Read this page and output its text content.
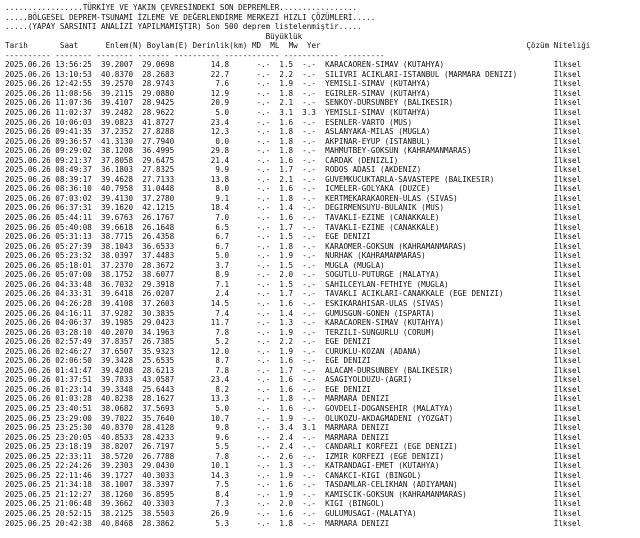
.................TÜRKİYE VE YAKIN ÇEVRESİNDEKİ SON DEPREMLER.................
.....BÖLGESEL DEPREM-TSUNAMİ İZLEME VE DEĞERLENDİRME MERKEZİ HIZLI ÇÖZÜMLERİ.....
.....(YAPAY SARSINTI ANALİZİ YAPILMAMIŞTIR) Son 500 deprem listelenmiştir.....
Büyüklük
Tarih	Saat	Enlem(N) Boylam(E) Derinlik(km) MD ML Mw Yer	Çözüm Niteliği
---------- -------- -------- ------- ---------- ------------ ------------ ---------
2025.06.26 13:56:25 39.2007 29.0698        14.8	-.- 1.5 -.- KARACAOREN-SIMAV (KUTAHYA)                        İlksel
2025.06.26 13:10:53 40.8370 28.2683        22.7	-.- 2.2 -.- SILIVRI ACIKLARI-ISTANBUL (MARMARA DENIZI)        İlksel
2025.06.26 12:42:55 39.2570 28.9743         7.6	-.- 1.9 -.- YEMISLI-SIMAV (KUTAHYA)                           İlksel
2025.06.26 11:08:56 39.2115 29.0880        12.9	-.- 1.8 -.- EGIRLER-SIMAV (KUTAHYA)                           İlksel
2025.06.26 11:07:36 39.4107 28.9425        20.9	-.- 2.1 -.- SENKOY-DURSUNBEY (BALIKESIR)                      İlksel
2025.06.26 11:02:37 39.2482 28.9622         5.0	-.- 3.1 3.3 YEMISLI-SIMAV (KUTAHYA)                           İlksel
2025.06.26 10:06:03 39.0823 41.8727        23.4	-.- 1.6 -.- ESENLER-VARTO (MUS)                               İlksel
2025.06.26 09:41:35 37.2352 27.8288        12.3	-.- 1.8 -.- ASLANYAKA-MILAS (MUGLA)                           İlksel
2025.06.26 09:36:57 41.3130 27.7940         0.0	-.- 1.8 -.- AKPINAR-EYUP (ISTANBUL)                           İlksel
2025.06.26 09:29:02 38.1208 36.4995        29.8	-.- 1.8 -.- MAHMUTBEY-GOKSUN (KAHRAMANMARAS)                  İlksel
2025.06.26 09:21:37 37.8058 29.6475        21.4	-.- 1.6 -.- CARDAK (DENIZLI)                                  İlksel
2025.06.26 08:49:37 36.1803 27.8325         9.9	-.- 1.7 -.- RODOS ADASI (AKDENIZ)                             İlksel
2025.06.26 08:39:17 39.4628 27.7133        13.8	-.- 2.1 -.- GUVEMKUCUKTARLA-SAVASTEPE (BALIKESIR)             İlksel
2025.06.26 08:36:10 40.7958 31.0448         8.0	-.- 1.6 -.- ICMELER-GOLYAKA (DUZCE)                           İlksel
2025.06.26 07:03:02 39.4130 37.2780         9.1	-.- 1.8 -.- KERTMEKARAKAOREN-ULAS (SIVAS)                     İlksel
2025.06.26 06:37:31 39.1620 42.1215        18.4	-.- 1.4 -.- DEGIRMENSUYU-BULANIK (MUS)                        İlksel
2025.06.26 05:44:11 39.6763 26.1767         7.0	-.- 1.6 -.- TAVAKLI-EZINE (CANAKKALE)                         İlksel
2025.06.26 05:40:08 39.6618 26.1648         6.5	-.- 1.7 -.- TAVAKLI-EZINE (CANAKKALE)                         İlksel
2025.06.26 05:31:13 38.7715 26.4358         6.7	-.- 1.5 -.- EGE DENIZI                                        İlksel
2025.06.26 05:27:39 38.1043 36.6533         6.7	-.- 1.8 -.- KARAOMER-GOKSUN (KAHRAMANMARAS)                   İlksel
2025.06.26 05:23:32 38.0397 37.4483         5.0	-.- 1.9 -.- NURHAK (KAHRAMANMARAS)                            İlksel
2025.06.26 05:18:01 37.2370 28.3672         3.7	-.- 1.5 -.- MUGLA (MUGLA)                                     İlksel
2025.06.26 05:07:00 38.1752 38.6077         8.9	-.- 2.0 -.- SOGUTLU-PUTURGE (MALATYA)                         İlksel
2025.06.26 04:33:48 36.7032 29.3918         7.1	-.- 1.5 -.- SAHILCEYLAN-FETHIYE (MUGLA)                       İlksel
2025.06.26 04:33:31 39.6418 26.0207         2.4	-.- 1.7 -.- TAVAKLI ACIKLARI-CANAKKALE (EGE DENIZI)           İlksel
2025.06.26 04:26:28 39.4108 37.2603        14.5	-.- 1.6 -.- ESKIKARAHISAR-ULAS (SIVAS)                        İlksel
2025.06.26 04:16:11 37.9282 30.3835         7.4	-.- 1.4 -.- GUMUSGUN-GONEN (ISPARTA)                          İlksel
2025.06.26 04:06:37 39.1985 29.0423        11.7	-.- 1.3 -.- KARACAOREN-SIMAV (KUTAHYA)                        İlksel
2025.06.26 03:28:10 40.2070 34.1963         7.8	-.- 1.9 -.- TERZILI-SUNGURLU (CORUM)                          İlksel
2025.06.26 02:57:49 37.8357 26.7385         5.2	-.- 2.2 -.- EGE DENIZI                                        İlksel
2025.06.26 02:46:27 37.6507 35.9323        12.0	-.- 1.9 -.- CURUKLU-KOZAN (ADANA)                             İlksel
2025.06.26 02:06:50 39.3428 25.6535         8.7	-.- 1.6 -.- EGE DENIZI                                        İlksel
2025.06.26 01:41:47 39.4208 28.6213         7.8	-.- 1.7 -.- ALACAM-DURSUNBEY (BALIKESIR)                      İlksel
2025.06.26 01:37:51 39.7833 43.0587        23.4	-.- 1.6 -.- ASAGIYOLDUZU-(AGRI)                               İlksel
2025.06.26 01:23:14 39.3348 25.6443         8.2	-.- 1.6 -.- EGE DENIZI                                        İlksel
2025.06.26 01:03:28 40.8238 28.1627        13.3	-.- 1.8 -.- MARMARA DENIZI                                    İlksel
2025.06.25 23:40:51 38.0682 37.5693         5.0	-.- 1.6 -.- GOVDELI-DOGANSEHIR (MALATYA)                      İlksel
2025.06.25 23:29:00 39.7022 35.7640        10.7	-.- 1.9 -.- OLUKOZU-AKDAGMADENI (YOZGAT)                      İlksel
2025.06.25 23:25:30 40.8370 28.4128         9.8	-.- 3.4 3.1 MARMARA DENIZI                                    İlksel
2025.06.25 23:20:05 40.8533 28.4233         9.6	-.- 2.4 -.- MARMARA DENIZI                                    İlksel
2025.06.25 23:18:19 38.8207 26.7197         5.5	-.- 2.4 -.- CANDARLI KORFEZI (EGE DENIZI)                     İlksel
2025.06.25 22:33:11 38.5720 26.7788         7.8	-.- 2.6 -.- IZMIR KORFEZI (EGE DENIZI)                        İlksel
2025.06.25 22:24:26 39.2303 29.0430        10.1	-.- 1.3 -.- KATRANDAGI-EMET (KUTAHYA)                         İlksel
2025.06.25 22:11:46 39.1727 40.3033        14.3	-.- 1.9 -.- CANAKCI-KIGI (BINGOL)                             İlksel
2025.06.25 21:34:18 38.1007 38.3397         7.5	-.- 1.6 -.- TASDAMLAR-CELIKHAN (ADIYAMAN)                     İlksel
2025.06.25 21:12:27 38.1260 36.8595         8.4	-.- 1.9 -.- KAMISCIK-GOKSUN (KAHRAMANMARAS)                   İlksel
2025.06.25 21:06:48 39.3662 40.3303         7.3	-.- 2.0 -.- KIGI (BINGOL)                                     İlksel
2025.06.25 20:52:15 38.2125 38.5503        26.9	-.- 1.6 -.- GULUMUSAGI-(MALATYA)                              İlksel
2025.06.25 20:42:38 40.8468 28.3862         5.3	-.- 1.8 -.- MARMARA DENIZI                                    İlksel
